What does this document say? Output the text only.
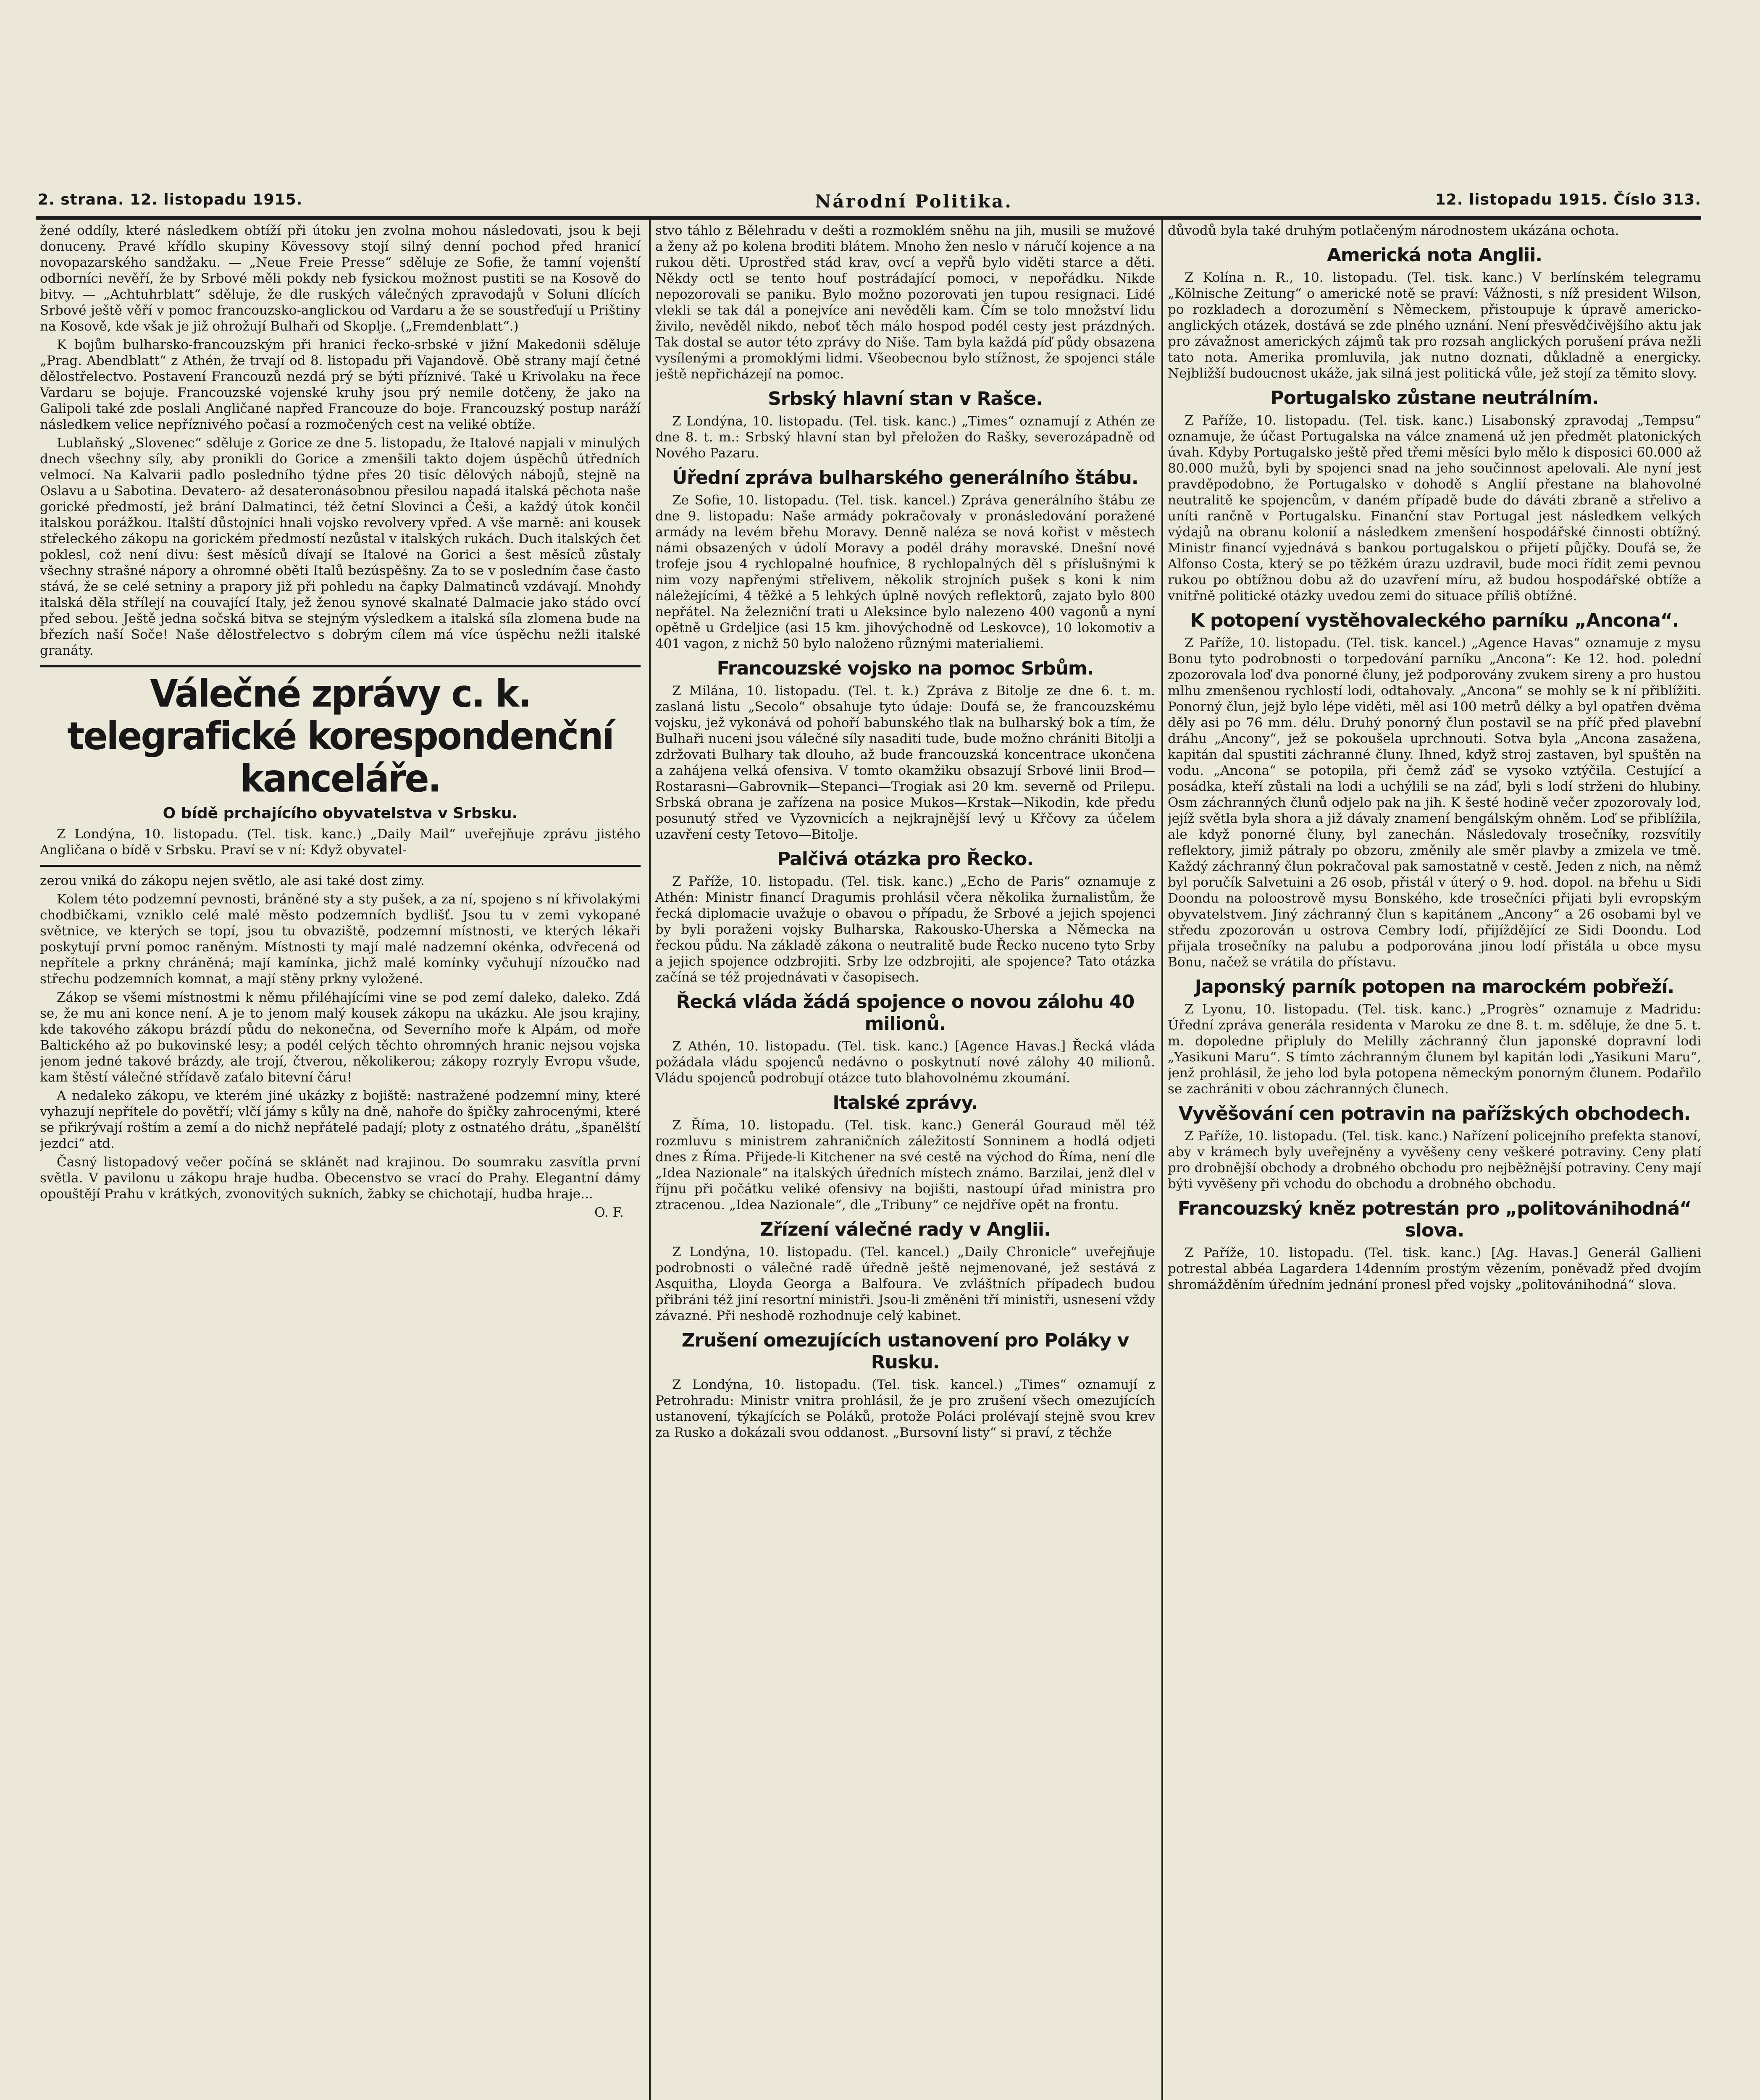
2. strana. 12. listopadu 1915.	Národní Politika.	12. listopadu 1915. Číslo 313.

žené oddíly, které následkem obtíží při útoku jen zvolna mohou následovati, jsou k beji donuceny. Pravé křídlo skupiny Kövessovy stojí silný denní pochod před hranicí novopazarského sandžaku. — „Neue Freie Presse“ sděluje ze Sofie, že tamní vojenští odborníci nevěří, že by Srbové měli pokdy neb fysickou možnost pustiti se na Kosově do bitvy. — „Achtuhrblatt“ sděluje, že dle ruských válečných zpravodajů v Soluni dlících Srbové ještě věří v pomoc francouzsko-anglickou od Vardaru a že se soustřeďují u Prištiny na Kosově, kde však je již ohrožují Bulhaři od Skoplje. („Fremdenblatt“.)

K bojům bulharsko-francouzským při hranici řecko-srbské v jižní Makedonii sděluje „Prag. Abendblatt“ z Athén, že trvají od 8. listopadu při Vajandově. Obě strany mají četné dělostřelectvo. Postavení Francouzů nezdá prý se býti příznivé. Také u Krivolaku na řece Vardaru se bojuje. Francouzské vojenské kruhy jsou prý nemile dotčeny, že jako na Galipoli také zde poslali Angličané napřed Francouze do boje. Francouzský postup naráží následkem velice nepříznivého počasí a rozmočených cest na veliké obtíže.

Lublaňský „Slovenec“ sděluje z Gorice ze dne 5. listopadu, že Italové napjali v minulých dnech všechny síly, aby pronikli do Gorice a zmenšili takto dojem úspěchů útředních velmocí. Na Kalvarii padlo posledního týdne přes 20 tisíc dělových nábojů, stejně na Oslavu a u Sabotina. Devatero- až desateronásobnou přesilou napadá italská pěchota naše gorické předmostí, jež brání Dalmatinci, též četní Slovinci a Češi, a každý útok končil italskou porážkou. Italští důstojníci hnali vojsko revolvery vpřed. A vše marně: ani kousek střeleckého zákopu na gorickém předmostí nezůstal v italských rukách. Duch italských čet poklesl, což není divu: šest měsíců dívají se Italové na Gorici a šest měsíců zůstaly všechny strašné nápory a ohromné oběti Italů bezúspěšny. Za to se v posledním čase často stává, že se celé setniny a prapory již při pohledu na čapky Dalmatinců vzdávají. Mnohdy italská děla střílejí na couvající Italy, jež ženou synové skalnaté Dalmacie jako stádo ovcí před sebou. Ještě jedna sočská bitva se stejným výsledkem a italská síla zlomena bude na březích naší Soče! Naše dělostřelectvo s dobrým cílem má více úspěchu nežli italské granáty.

Válečné zprávy c. k. telegrafické korespondenční kanceláře.
O bídě prchajícího obyvatelstva v Srbsku.

Z Londýna, 10. listopadu. (Tel. tisk. kanc.) „Daily Mail“ uveřejňuje zprávu jistého Angličana o bídě v Srbsku. Praví se v ní: Když obyvatel-

zerou vniká do zákopu nejen světlo, ale asi také dost zimy.

Kolem této podzemní pevnosti, bráněné sty a sty pušek, a za ní, spojeno s ní křivolakými chodbičkami, vzniklo celé malé město podzemních bydlišť. Jsou tu v zemi vykopané světnice, ve kterých se topí, jsou tu obvaziště, podzemní místnosti, ve kterých lékaři poskytují první pomoc raněným. Místnosti ty mají malé nadzemní okénka, odvřecená od nepřítele a prkny chráněná; mají kamínka, jichž malé komínky vyčuhují nízoučko nad střechu podzemních komnat, a mají stěny prkny vyložené.

Zákop se všemi místnostmi k němu přiléhajícími vine se pod zemí daleko, daleko. Zdá se, že mu ani konce není. A je to jenom malý kousek zákopu na ukázku. Ale jsou krajiny, kde takového zákopu brázdí půdu do nekonečna, od Severního moře k Alpám, od moře Baltického až po bukovinské lesy; a podél celých těchto ohromných hranic nejsou vojska jenom jedné takové brázdy, ale trojí, čtverou, několikerou; zákopy rozryly Evropu všude, kam štěstí válečné střídavě zaťalo bitevní čáru!

A nedaleko zákopu, ve kterém jiné ukázky z bojiště: nastražené podzemní miny, které vyhazují nepřítele do povětří; vlčí jámy s kůly na dně, nahoře do špičky zahrocenými, které se přikrývají roštím a zemí a do nichž nepřátelé padají; ploty z ostnatého drátu, „španělští jezdci“ atd.

Časný listopadový večer počíná se sklánět nad krajinou. Do soumraku zasvítla první světla. V pavilonu u zákopu hraje hudba. Obecenstvo se vrací do Prahy. Elegantní dámy opouštějí Prahu v krátkých, zvonovitých sukních, žabky se chichotají, hudba hraje...

O. F.

stvo táhlo z Bělehradu v dešti a rozmoklém sněhu na jih, musili se mužové a ženy až po kolena broditi blátem. Mnoho žen neslo v náručí kojence a na rukou děti. Uprostřed stád krav, ovcí a vepřů bylo viděti starce a děti. Někdy octl se tento houf postrádající pomoci, v nepořádku. Nikde nepozorovali se paniku. Bylo možno pozorovati jen tupou resignaci. Lidé vlekli se tak dál a ponejvíce ani nevěděli kam. Čím se tolo množství lidu živilo, nevěděl nikdo, neboť těch málo hospod podél cesty jest prázdných. Tak dostal se autor této zprávy do Niše. Tam byla každá píď půdy obsazena vysílenými a promoklými lidmi. Všeobecnou bylo stížnost, že spojenci stále ještě nepřicházejí na pomoc.

Srbský hlavní stan v Rašce.

Z Londýna, 10. listopadu. (Tel. tisk. kanc.) „Times“ oznamují z Athén ze dne 8. t. m.: Srbský hlavní stan byl přeložen do Rašky, severozápadně od Nového Pazaru.

Úřední zpráva bulharského generálního štábu.

Ze Sofie, 10. listopadu. (Tel. tisk. kancel.) Zpráva generálního štábu ze dne 9. listopadu: Naše armády pokračovaly v pronásledování poražené armády na levém břehu Moravy. Denně naléza se nová kořist v městech námi obsazených v údolí Moravy a podél dráhy moravské. Dnešní nové trofeje jsou 4 rychlopalné houfnice, 8 rychlopalných děl s příslušnými k nim vozy napřenými střelivem, několik strojních pušek s koni k nim náležejícími, 4 těžké a 5 lehkých úplně nových reflektorů, zajato bylo 800 nepřátel. Na železniční trati u Aleksince bylo nalezeno 400 vagonů a nyní opětně u Grdeljice (asi 15 km. jihovýchodně od Leskovce), 10 lokomotiv a 401 vagon, z nichž 50 bylo naloženo různými materialiemi.

Francouzské vojsko na pomoc Srbům.

Z Milána, 10. listopadu. (Tel. t. k.) Zpráva z Bitolje ze dne 6. t. m. zaslaná listu „Secolo“ obsahuje tyto údaje: Doufá se, že francouzskému vojsku, jež vykonává od pohoří babunského tlak na bulharský bok a tím, že Bulhaři nuceni jsou válečné síly nasaditi tude, bude možno chrániti Bitolji a zdržovati Bulhary tak dlouho, až bude francouzská koncentrace ukončena a zahájena velká ofensiva. V tomto okamžiku obsazují Srbové linii Brod—Rostarasni—Gabrovnik—Stepanci—Trogiak asi 20 km. severně od Prilepu. Srbská obrana je zařízena na posice Mukos—Krstak—Nikodin, kde předu posunutý střed ve Vyzovnicích a nejkrajnější levý u Křčovy za účelem uzavření cesty Tetovo—Bitolje.

Palčivá otázka pro Řecko.

Z Paříže, 10. listopadu. (Tel. tisk. kanc.) „Echo de Paris“ oznamuje z Athén: Ministr financí Dragumis prohlásil včera několika žurnalistům, že řecká diplomacie uvažuje o obavou o případu, že Srbové a jejich spojenci by byli poraženi vojsky Bulharska, Rakousko-Uherska a Německa na řeckou půdu. Na základě zákona o neutralitě bude Řecko nuceno tyto Srby a jejich spojence odzbrojiti. Srby lze odzbrojiti, ale spojence? Tato otázka začíná se též projednávati v časopisech.

Řecká vláda žádá spojence o novou zálohu 40 milionů.

Z Athén, 10. listopadu. (Tel. tisk. kanc.) [Agence Havas.] Řecká vláda požádala vládu spojenců nedávno o poskytnutí nové zálohy 40 milionů. Vládu spojenců podrobují otázce tuto blahovolnému zkoumání.

Italské zprávy.

Z Říma, 10. listopadu. (Tel. tisk. kanc.) Generál Gouraud měl též rozmluvu s ministrem zahraničních záležitostí Sonninem a hodlá odjeti dnes z Říma. Přijede-li Kitchener na své cestě na východ do Říma, není dle „Idea Nazionale“ na italských úředních místech známo. Barzilai, jenž dlel v říjnu při počátku veliké ofensivy na bojišti, nastoupí úřad ministra pro ztracenou. „Idea Nazionale“, dle „Tribuny“ ce nejdříve opět na frontu.

Zřízení válečné rady v Anglii.

Z Londýna, 10. listopadu. (Tel. kancel.) „Daily Chronicle“ uveřejňuje podrobnosti o válečné radě úředně ještě nejmenované, jež sestává z Asquitha, Lloyda Georga a Balfoura. Ve zvláštních případech budou přibráni též jiní resortní ministři. Jsou-li změněni tří ministři, usnesení vždy závazné. Při neshodě rozhodnuje celý kabinet.

Zrušení omezujících ustanovení pro Poláky v Rusku.

Z Londýna, 10. listopadu. (Tel. tisk. kancel.) „Times“ oznamují z Petrohradu: Ministr vnitra prohlásil, že je pro zrušení všech omezujících ustanovení, týkajících se Poláků, protože Poláci prolévají stejně svou krev za Rusko a dokázali svou oddanost. „Bursovní listy“ si praví, z těchže

důvodů byla také druhým potlačeným národnostem ukázána ochota.

Americká nota Anglii.

Z Kolína n. R., 10. listopadu. (Tel. tisk. kanc.) V berlínském telegramu „Kölnische Zeitung“ o americké notě se praví: Vážnosti, s níž president Wilson, po rozkladech a dorozumění s Německem, přistoupuje k úpravě americko-anglických otázek, dostává se zde plného uznání. Není přesvědčivějšího aktu jak pro závažnost amerických zájmů tak pro rozsah anglických porušení práva nežli tato nota. Amerika promluvila, jak nutno doznati, důkladně a energicky. Nejbližší budoucnost ukáže, jak silná jest politická vůle, jež stojí za těmito slovy.

Portugalsko zůstane neutrálním.

Z Paříže, 10. listopadu. (Tel. tisk. kanc.) Lisabonský zpravodaj „Tempsu“ oznamuje, že účast Portugalska na válce znamená už jen předmět platonických úvah. Kdyby Portugalsko ještě před třemi měsíci bylo mělo k disposici 60.000 až 80.000 mužů, byli by spojenci snad na jeho součinnost apelovali. Ale nyní jest pravděpodobno, že Portugalsko v dohodě s Anglií přestane na blahovolné neutralitě ke spojencům, v daném případě bude do dáváti zbraně a střelivo a uníti rančně v Portugalsku. Finanční stav Portugal jest následkem velkých výdajů na obranu kolonií a následkem zmenšení hospodářské činnosti obtížný. Ministr financí vyjednává s bankou portugalskou o přijetí půjčky. Doufá se, že Alfonso Costa, který se po těžkém úrazu uzdravil, bude moci řídit zemi pevnou rukou po obtížnou dobu až do uzavření míru, až budou hospodářské obtíže a vnitřně politické otázky uvedou zemi do situace příliš obtížné.

K potopení vystěhovaleckého parníku „Ancona“.

Z Paříže, 10. listopadu. (Tel. tisk. kancel.) „Agence Havas“ oznamuje z mysu Bonu tyto podrobnosti o torpedování parníku „Ancona“: Ke 12. hod. polední zpozorovala loď dva ponorné čluny, jež podporovány zvukem sireny a pro hustou mlhu zmenšenou rychlostí lodi, odtahovaly. „Ancona“ se mohly se k ní přiblížiti. Ponorný člun, jejž bylo lépe viděti, měl asi 100 metrů délky a byl opatřen dvěma děly asi po 76 mm. délu. Druhý ponorný člun postavil se na příč před plavební dráhu „Ancony“, jež se pokoušela uprchnouti. Sotva byla „Ancona zasažena, kapitán dal spustiti záchranné čluny. Ihned, když stroj zastaven, byl spuštěn na vodu. „Ancona“ se potopila, při čemž záď se vysoko vztýčila. Cestující a posádka, kteří zůstali na lodi a uchýlili se na záď, byli s lodí strženi do hlubiny. Osm záchranných člunů odjelo pak na jih. K šesté hodině večer zpozorovaly lod, jejíž světla byla shora a již dávaly znamení bengálským ohněm. Loď se přiblížila, ale když ponorné čluny, byl zanechán. Následovaly trosečníky, rozsvítily reflektory, jimiž pátraly po obzoru, změnily ale směr plavby a zmizela ve tmě. Každý záchranný člun pokračoval pak samostatně v cestě. Jeden z nich, na němž byl poručík Salvetuini a 26 osob, přistál v úterý o 9. hod. dopol. na břehu u Sidi Doondu na poloostrově mysu Bonského, kde trosečníci přijati byli evropským obyvatelstvem. Jiný záchranný člun s kapitánem „Ancony“ a 26 osobami byl ve středu zpozorován u ostrova Cembry lodí, přijíždějící ze Sidi Doondu. Loď přijala trosečníky na palubu a podporována jinou lodí přistála u obce mysu Bonu, načež se vrátila do přístavu.

Japonský parník potopen na marockém pobřeží.

Z Lyonu, 10. listopadu. (Tel. tisk. kanc.) „Progrès“ oznamuje z Madridu: Úřední zpráva generála residenta v Maroku ze dne 8. t. m. sděluje, že dne 5. t. m. dopoledne připluly do Melilly záchranný člun japonské dopravní lodi „Yasikuni Maru“. S tímto záchranným člunem byl kapitán lodi „Yasikuni Maru“, jenž prohlásil, že jeho lod byla potopena německým ponorným člunem. Podařilo se zachrániti v obou záchranných člunech.

Vyvěšování cen potravin na pařížských obchodech.

Z Paříže, 10. listopadu. (Tel. tisk. kanc.) Nařízení policejního prefekta stanoví, aby v krámech byly uveřejněny a vyvěšeny ceny veškeré potraviny. Ceny platí pro drobnější obchody a drobného obchodu pro nejběžnější potraviny. Ceny mají býti vyvěšeny při vchodu do obchodu a drobného obchodu.

Francouzský kněz potrestán pro „politovánihodná“ slova.

Z Paříže, 10. listopadu. (Tel. tisk. kanc.) [Ag. Havas.] Generál Gallieni potrestal abbéa Lagardera 14denním prostým vězením, poněvadž před dvojím shromážděním úředním jednání pronesl před vojsky „politovánihodná“ slova.
